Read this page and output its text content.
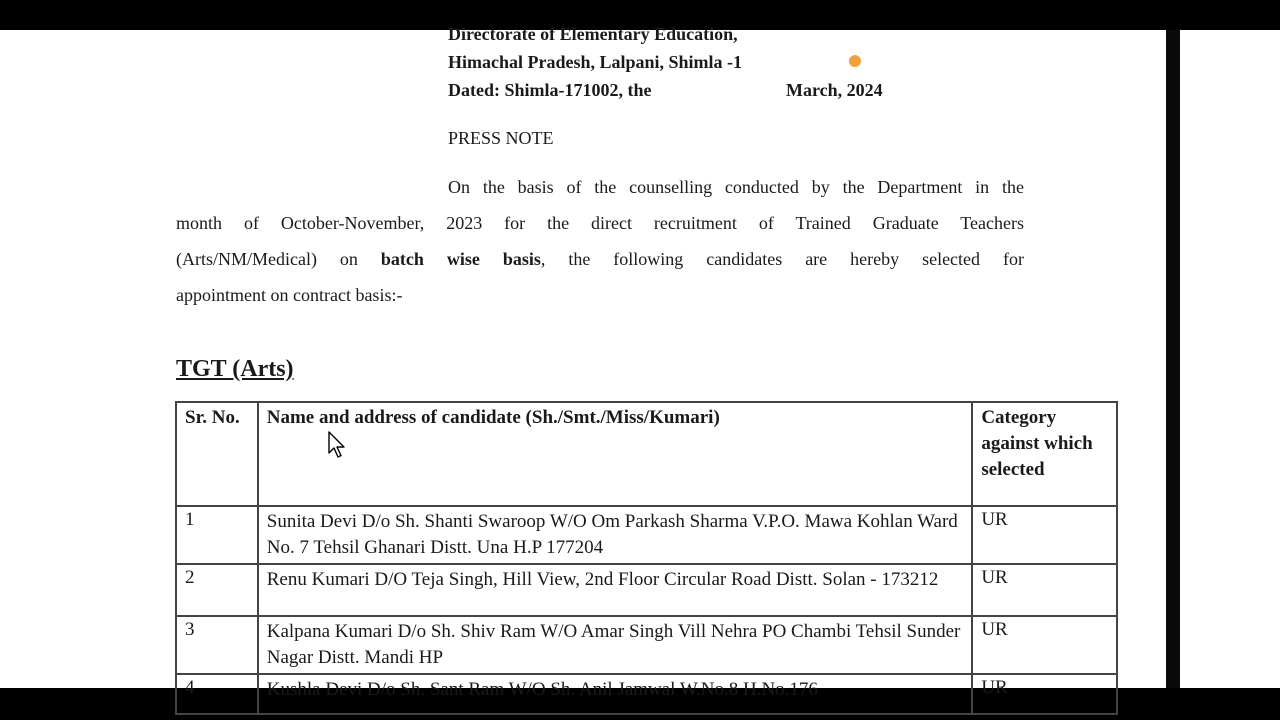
Directorate of Elementary Education,
Himachal Pradesh, Lalpani, Shimla -1
Dated: Shimla-171002, the	March, 2024
PRESS NOTE
On the basis of the counselling conducted by the Department in the
month of October-November, 2023 for the direct recruitment of Trained Graduate Teachers
(Arts/NM/Medical) on batch wise basis, the following candidates are hereby selected for
appointment on contract basis:-
TGT (Arts)
Sr. No.	Name and address of candidate (Sh./Smt./Miss/Kumari)	Category against which selected
1	Sunita Devi D/o Sh. Shanti Swaroop W/O Om Parkash Sharma V.P.O. Mawa Kohlan Ward No. 7 Tehsil Ghanari Distt. Una H.P 177204	UR
2	Renu Kumari D/O Teja Singh, Hill View, 2nd Floor Circular Road Distt. Solan - 173212	UR
3	Kalpana Kumari D/o Sh. Shiv Ram W/O Amar Singh Vill Nehra PO Chambi Tehsil Sunder Nagar Distt. Mandi HP	UR
4	Kushla Devi D/o Sh. Sant Ram W/O Sh. Anil Jamwal W.No.8 H.No.176	UR
